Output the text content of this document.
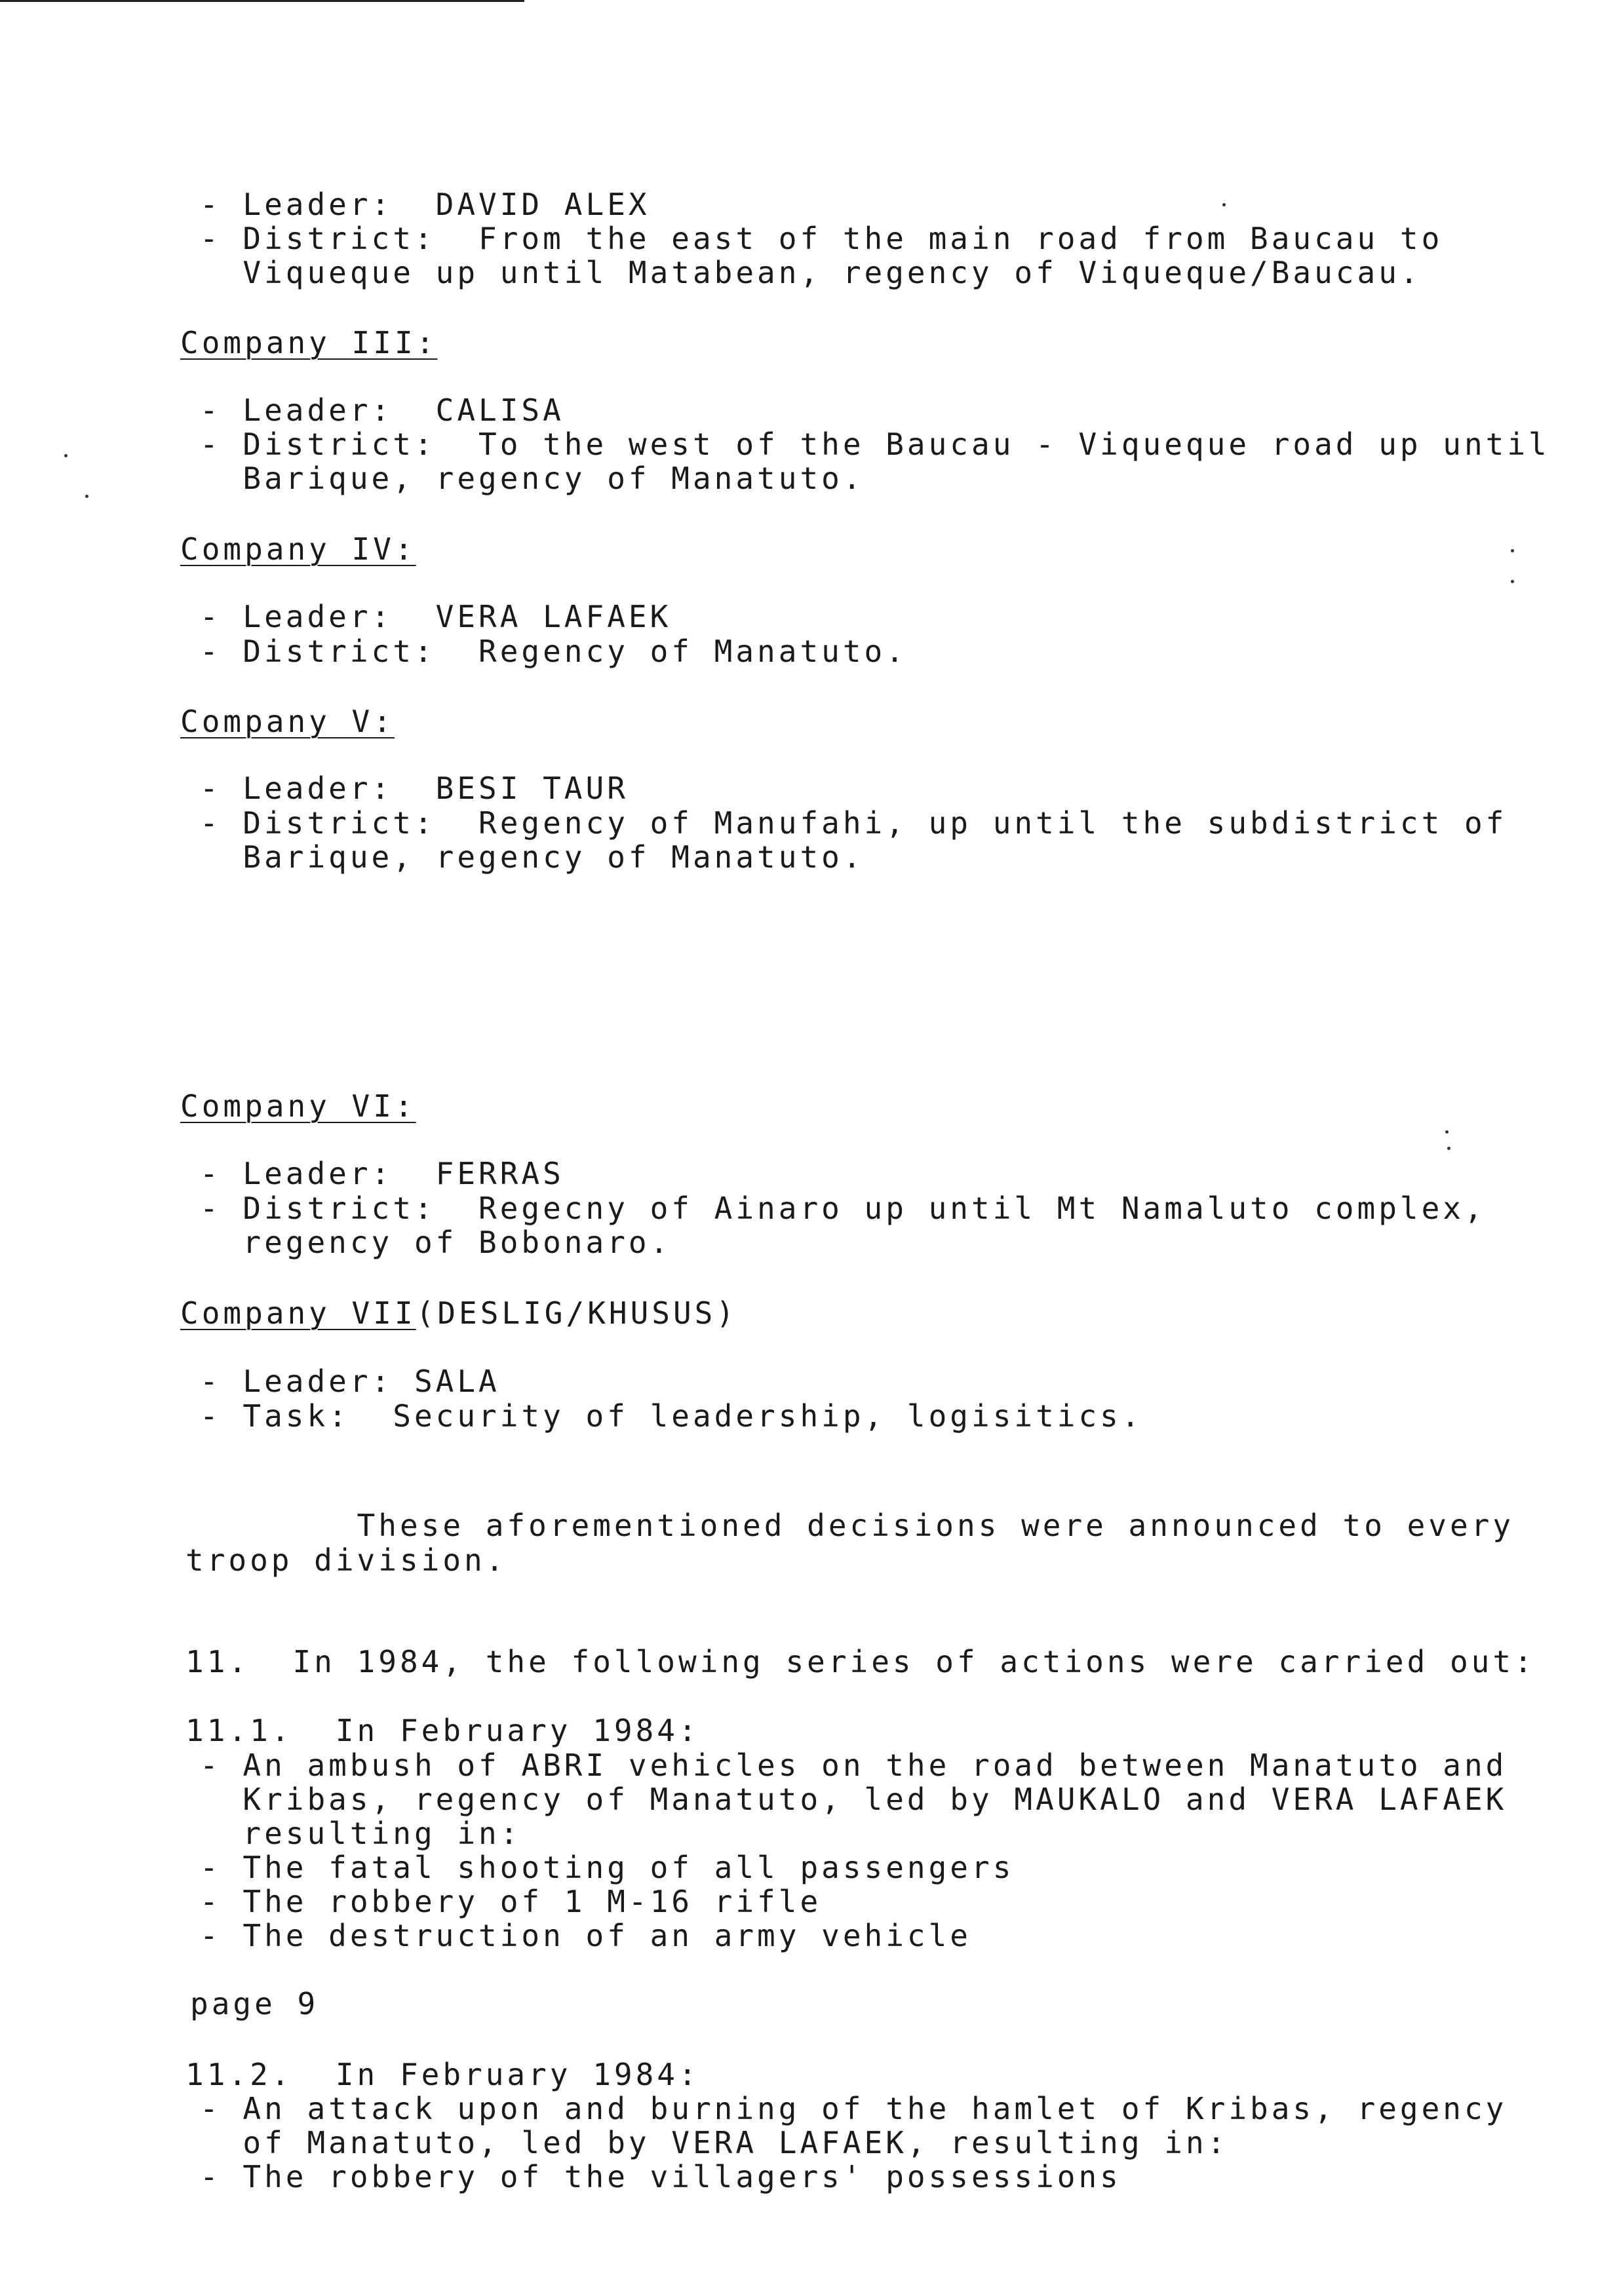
- Leader:  DAVID ALEX

- District:  From the east of the main road from Baucau to

Viqueque up until Matabean, regency of Viqueque/Baucau.

Company III:

- Leader:  CALISA

- District:  To the west of the Baucau - Viqueque road up until

Barique, regency of Manatuto.

Company IV:

- Leader:  VERA LAFAEK

- District:  Regency of Manatuto.

Company V:

- Leader:  BESI TAUR

- District:  Regency of Manufahi, up until the subdistrict of

Barique, regency of Manatuto.

Company VI:

- Leader:  FERRAS

- District:  Regecny of Ainaro up until Mt Namaluto complex,

regency of Bobonaro.

Company VII(DESLIG/KHUSUS)

- Leader: SALA

- Task:  Security of leadership, logisitics.

These aforementioned decisions were announced to every

troop division.

11.  In 1984, the following series of actions were carried out:

11.1.  In February 1984:

- An ambush of ABRI vehicles on the road between Manatuto and

Kribas, regency of Manatuto, led by MAUKALO and VERA LAFAEK

resulting in:

- The fatal shooting of all passengers

- The robbery of 1 M-16 rifle

- The destruction of an army vehicle

page 9

11.2.  In February 1984:

- An attack upon and burning of the hamlet of Kribas, regency

of Manatuto, led by VERA LAFAEK, resulting in:

- The robbery of the villagers' possessions
